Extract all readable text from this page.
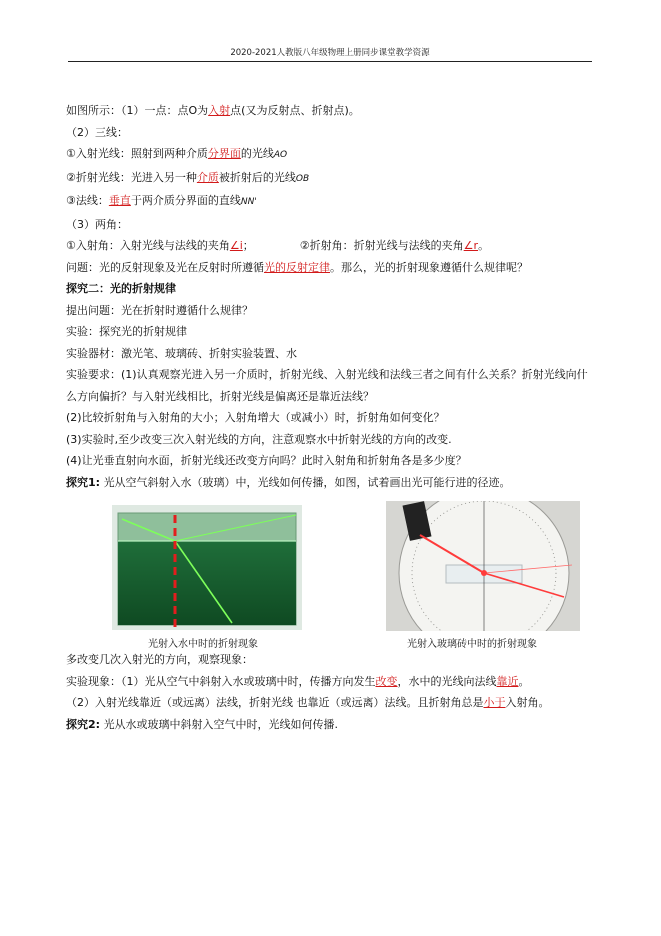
2020-2021人教版八年级物理上册同步课堂教学资源
如图所示：（1）一点：点O为入射点(又为反射点、折射点)。
（2）三线：
①入射光线：照射到两种介质分界面的光线AO
②折射光线：光进入另一种介质被折射后的光线OB
③法线：垂直于两介质分界面的直线NN'
（3）两角：
①入射角：入射光线与法线的夹角∠i；	②折射角：折射光线与法线的夹角∠r。
问题：光的反射现象及光在反射时所遵循光的反射定律。那么，光的折射现象遵循什么规律呢？
探究二：光的折射规律
提出问题：光在折射时遵循什么规律？
实验：探究光的折射规律
实验器材：激光笔、玻璃砖、折射实验装置、水
实验要求：(1)认真观察光进入另一介质时，折射光线、入射光线和法线三者之间有什么关系？折射光线向什么方向偏折？与入射光线相比，折射光线是偏离还是靠近法线？
(2)比较折射角与入射角的大小；入射角增大（或减小）时，折射角如何变化？
(3)实验时,至少改变三次入射光线的方向，注意观察水中折射光线的方向的改变.
(4)让光垂直射向水面，折射光线还改变方向吗？此时入射角和折射角各是多少度？
探究1: 光从空气斜射入水（玻璃）中，光线如何传播，如图，试着画出光可能行进的径迹。
光射入水中时的折射现象	光射入玻璃砖中时的折射现象
多改变几次入射光的方向，观察现象：
实验现象：（1）光从空气中斜射入水或玻璃中时，传播方向发生改变，水中的光线向法线靠近。
（2）入射光线靠近（或远离）法线，折射光线 也靠近（或远离）法线。且折射角总是小于入射角。
探究2: 光从水或玻璃中斜射入空气中时，光线如何传播.
